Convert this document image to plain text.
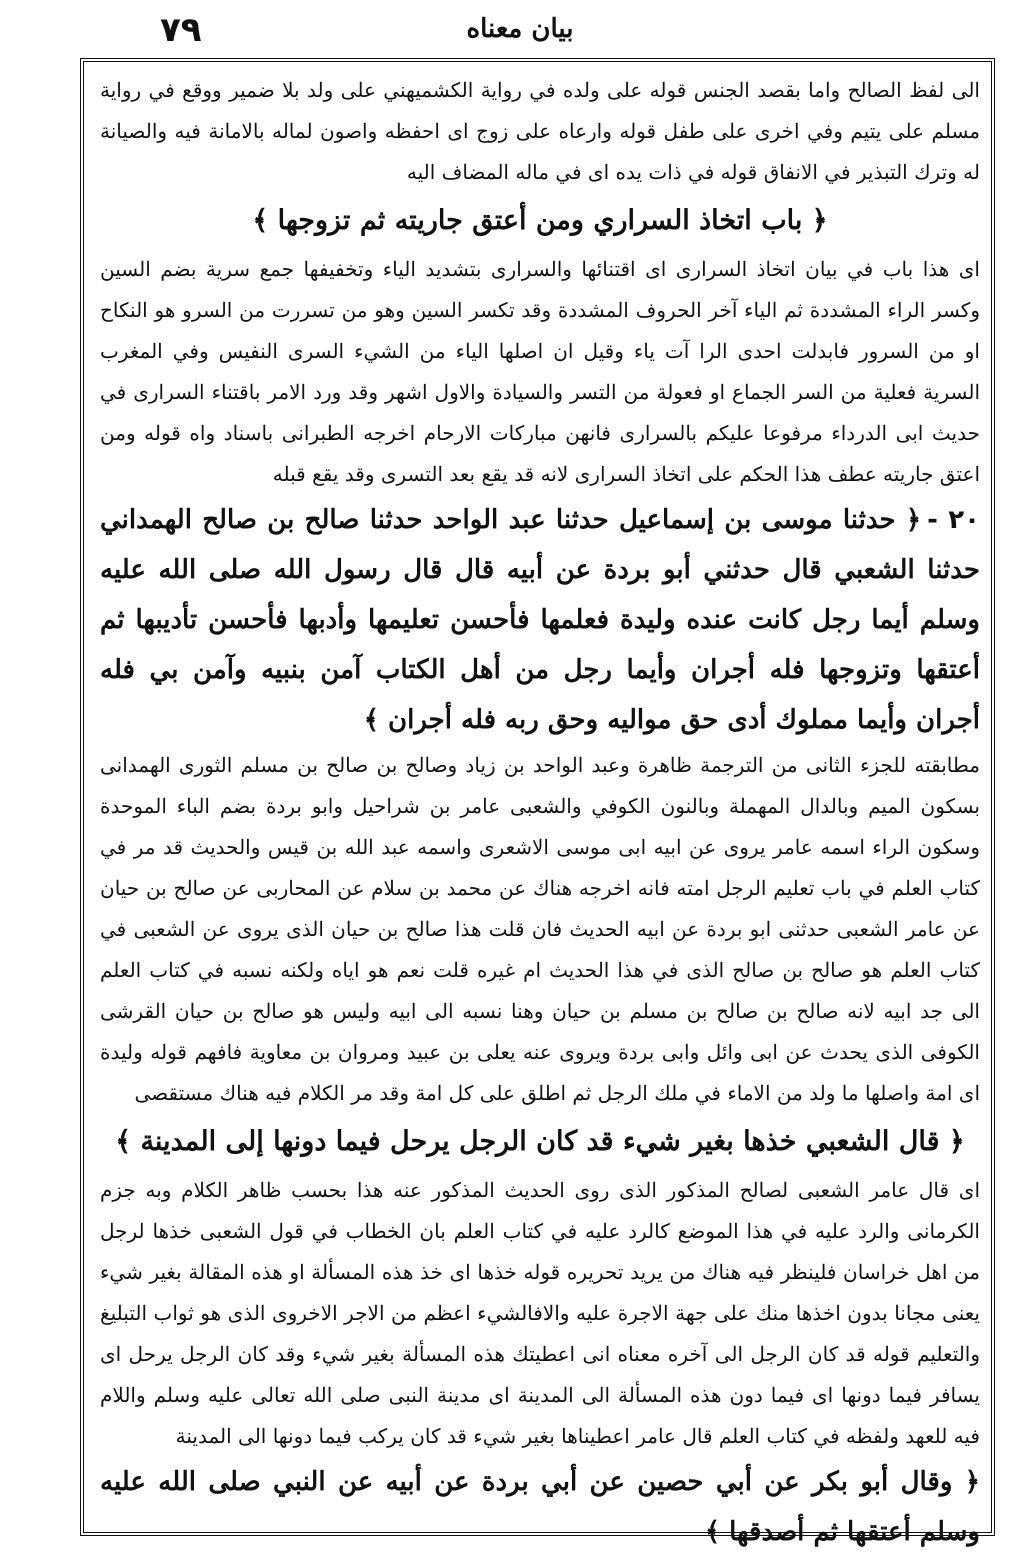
٧٩	بيان معناه

الى لفظ الصالح واما بقصد الجنس قوله على ولده في رواية الكشميهني على ولد بلا ضمير ووقع في رواية مسلم على يتيم وفي اخرى على طفل قوله وارعاه على زوج اى احفظه واصون لماله بالامانة فيه والصيانة له وترك التبذير في الانفاق قوله في ذات يده اى في ماله المضاف اليه

﴿ باب اتخاذ السراري ومن أعتق جاريته ثم تزوجها ﴾

اى هذا باب في بيان اتخاذ السرارى اى اقتنائها والسرارى بتشديد الياء وتخفيفها جمع سرية بضم السين وكسر الراء المشددة ثم الياء آخر الحروف المشددة وقد تكسر السين وهو من تسررت من السرو هو النكاح او من السرور فابدلت احدى الرا آت ياء وقيل ان اصلها الياء من الشيء السرى النفيس وفي المغرب السرية فعلية من السر الجماع او فعولة من التسر والسيادة والاول اشهر وقد ورد الامر باقتناء السرارى في حديث ابى الدرداء مرفوعا عليكم بالسرارى فانهن مباركات الارحام اخرجه الطبرانى باسناد واه قوله ومن اعتق جاريته عطف هذا الحكم على اتخاذ السرارى لانه قد يقع بعد التسرى وقد يقع قبله

٢٠ -﴿ حدثنا موسى بن إسماعيل حدثنا عبد الواحد حدثنا صالح بن صالح الهمداني حدثنا الشعبي قال حدثني أبو بردة عن أبيه قال قال رسول الله صلى الله عليه وسلم أيما رجل كانت عنده وليدة فعلمها فأحسن تعليمها وأدبها فأحسن تأديبها ثم أعتقها وتزوجها فله أجران وأيما رجل من أهل الكتاب آمن بنبيه وآمن بي فله أجران وأيما مملوك أدى حق مواليه وحق ربه فله أجران ﴾

مطابقته للجزء الثانى من الترجمة ظاهرة وعبد الواحد بن زياد وصالح بن صالح بن مسلم الثورى الهمدانى بسكون الميم وبالدال المهملة وبالنون الكوفي والشعبى عامر بن شراحيل وابو بردة بضم الباء الموحدة وسكون الراء اسمه عامر يروى عن ابيه ابى موسى الاشعرى واسمه عبد الله بن قيس والحديث قد مر في كتاب العلم في باب تعليم الرجل امته فانه اخرجه هناك عن محمد بن سلام عن المحاربى عن صالح بن حيان عن عامر الشعبى حدثنى ابو بردة عن ابيه الحديث فان قلت هذا صالح بن حيان الذى يروى عن الشعبى في كتاب العلم هو صالح بن صالح الذى في هذا الحديث ام غيره قلت نعم هو اياه ولكنه نسبه في كتاب العلم الى جد ابيه لانه صالح بن صالح بن مسلم بن حيان وهنا نسبه الى ابيه وليس هو صالح بن حيان القرشى الكوفى الذى يحدث عن ابى وائل وابى بردة ويروى عنه يعلى بن عبيد ومروان بن معاوية فافهم قوله وليدة اى امة واصلها ما ولد من الاماء في ملك الرجل ثم اطلق على كل امة وقد مر الكلام فيه هناك مستقصى

﴿ قال الشعبي خذها بغير شيء قد كان الرجل يرحل فيما دونها إلى المدينة ﴾

اى قال عامر الشعبى لصالح المذكور الذى روى الحديث المذكور عنه هذا بحسب ظاهر الكلام وبه جزم الكرمانى والرد عليه في هذا الموضع كالرد عليه في كتاب العلم بان الخطاب في قول الشعبى خذها لرجل من اهل خراسان فلينظر فيه هناك من يريد تحريره قوله خذها اى خذ هذه المسألة او هذه المقالة بغير شيء يعنى مجانا بدون اخذها منك على جهة الاجرة عليه والافالشيء اعظم من الاجر الاخروى الذى هو ثواب التبليغ والتعليم قوله قد كان الرجل الى آخره معناه انى اعطيتك هذه المسألة بغير شيء وقد كان الرجل يرحل اى يسافر فيما دونها اى فيما دون هذه المسألة الى المدينة اى مدينة النبى صلى الله تعالى عليه وسلم واللام فيه للعهد ولفظه في كتاب العلم قال عامر اعطيناها بغير شيء قد كان يركب فيما دونها الى المدينة

﴿ وقال أبو بكر عن أبي حصين عن أبي بردة عن أبيه عن النبي صلى الله عليه وسلم أعتقها ثم أصدقها ﴾
